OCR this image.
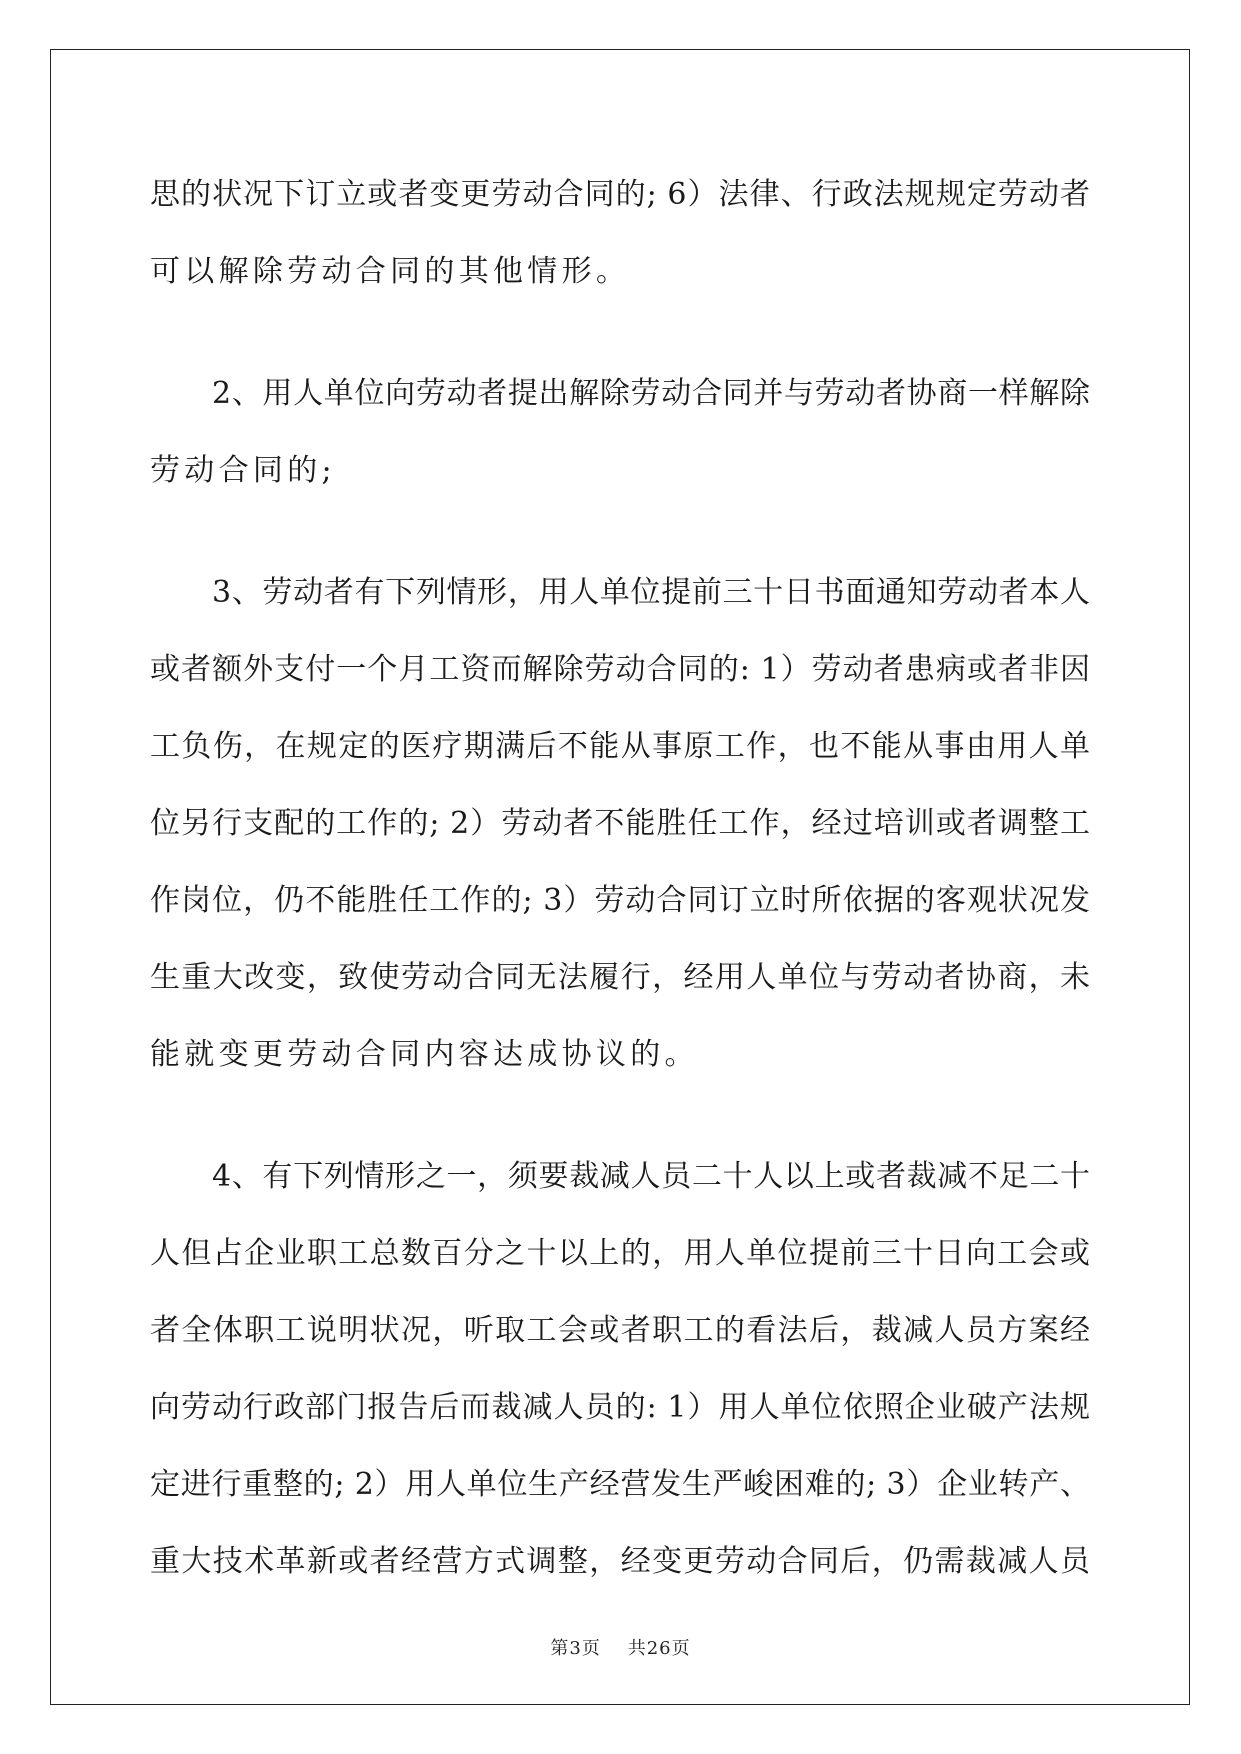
思的状况下订立或者变更劳动合同的; 6）法律、行政法规规定劳动者
可以解除劳动合同的其他情形。
2、用人单位向劳动者提出解除劳动合同并与劳动者协商一样解除
劳动合同的;
3、劳动者有下列情形，用人单位提前三十日书面通知劳动者本人
或者额外支付一个月工资而解除劳动合同的: 1）劳动者患病或者非因
工负伤，在规定的医疗期满后不能从事原工作，也不能从事由用人单
位另行支配的工作的; 2）劳动者不能胜任工作，经过培训或者调整工
作岗位，仍不能胜任工作的; 3）劳动合同订立时所依据的客观状况发
生重大改变，致使劳动合同无法履行，经用人单位与劳动者协商，未
能就变更劳动合同内容达成协议的。
4、有下列情形之一，须要裁减人员二十人以上或者裁减不足二十
人但占企业职工总数百分之十以上的，用人单位提前三十日向工会或
者全体职工说明状况，听取工会或者职工的看法后，裁减人员方案经
向劳动行政部门报告后而裁减人员的: 1）用人单位依照企业破产法规
定进行重整的; 2）用人单位生产经营发生严峻困难的; 3）企业转产、
重大技术革新或者经营方式调整，经变更劳动合同后，仍需裁减人员
第3页 共26页
